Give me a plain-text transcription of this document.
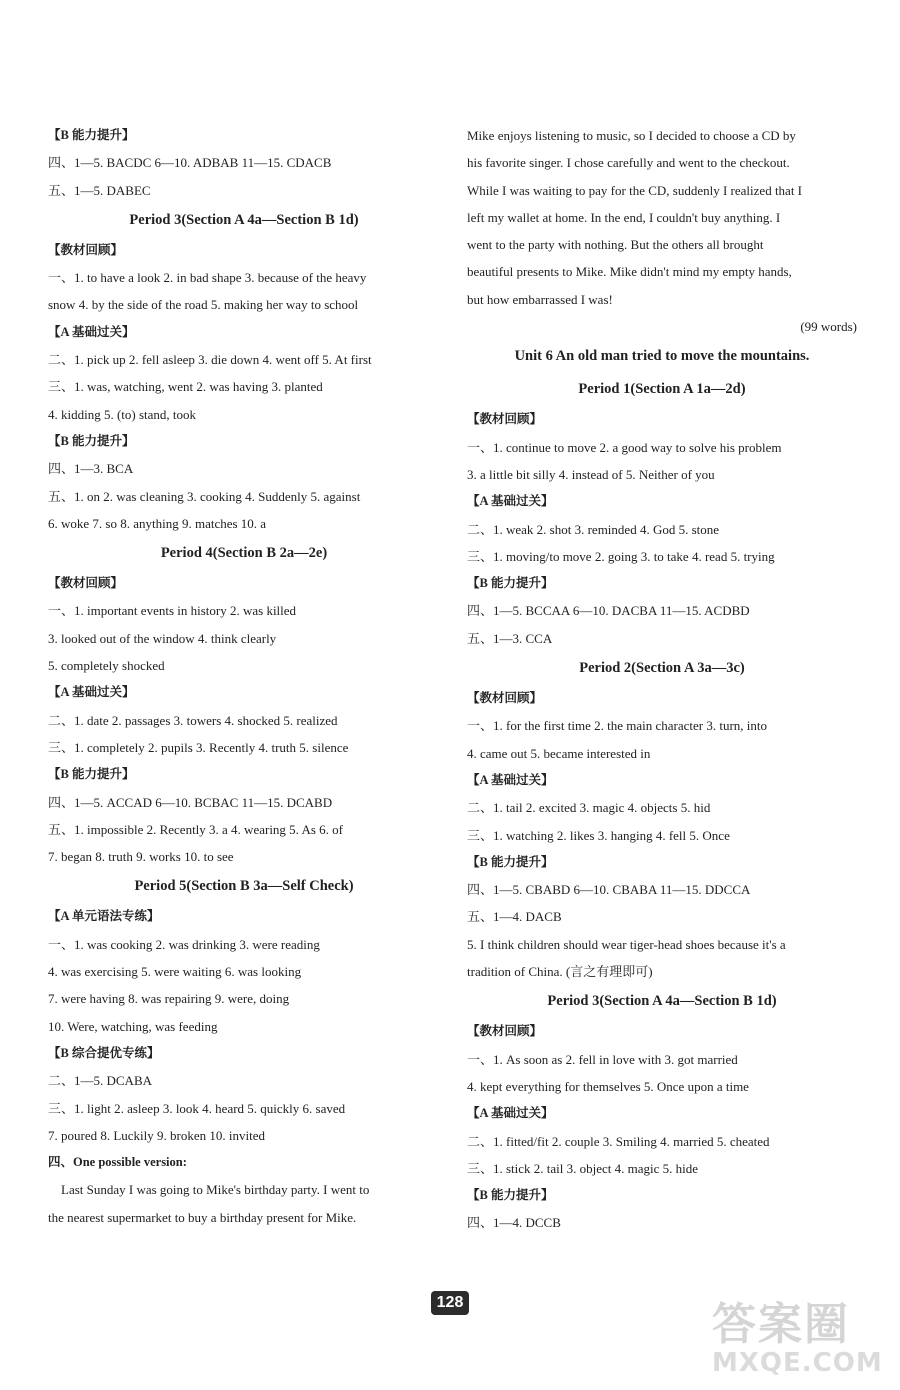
【B 能力提升】
四、1—5. BACDC 6—10. ADBAB 11—15. CDACB
五、1—5. DABEC
Period 3(Section A 4a—Section B 1d)
【教材回顾】
一、1. to have a look 2. in bad shape 3. because of the heavy
snow 4. by the side of the road 5. making her way to school
【A 基础过关】
二、1. pick up 2. fell asleep 3. die down 4. went off 5. At first
三、1. was, watching, went 2. was having 3. planted
4. kidding 5. (to) stand, took
【B 能力提升】
四、1—3. BCA
五、1. on 2. was cleaning 3. cooking 4. Suddenly 5. against
6. woke 7. so 8. anything 9. matches 10. a
Period 4(Section B 2a—2e)
【教材回顾】
一、1. important events in history 2. was killed
3. looked out of the window 4. think clearly
5. completely shocked
【A 基础过关】
二、1. date 2. passages 3. towers 4. shocked 5. realized
三、1. completely 2. pupils 3. Recently 4. truth 5. silence
【B 能力提升】
四、1—5. ACCAD 6—10. BCBAC 11—15. DCABD
五、1. impossible 2. Recently 3. a 4. wearing 5. As 6. of
7. began 8. truth 9. works 10. to see
Period 5(Section B 3a—Self Check)
【A 单元语法专练】
一、1. was cooking 2. was drinking 3. were reading
4. was exercising 5. were waiting 6. was looking
7. were having 8. was repairing 9. were, doing
10. Were, watching, was feeding
【B 综合提优专练】
二、1—5. DCABA
三、1. light 2. asleep 3. look 4. heard 5. quickly 6. saved
7. poured 8. Luckily 9. broken 10. invited
四、One possible version:
Last Sunday I was going to Mike's birthday party. I went to
the nearest supermarket to buy a birthday present for Mike.
Mike enjoys listening to music, so I decided to choose a CD by
his favorite singer. I chose carefully and went to the checkout.
While I was waiting to pay for the CD, suddenly I realized that I
left my wallet at home. In the end, I couldn't buy anything. I
went to the party with nothing. But the others all brought
beautiful presents to Mike. Mike didn't mind my empty hands,
but how embarrassed I was!
(99 words)
Unit 6 An old man tried to move the mountains.
Period 1(Section A 1a—2d)
【教材回顾】
一、1. continue to move 2. a good way to solve his problem
3. a little bit silly 4. instead of 5. Neither of you
【A 基础过关】
二、1. weak 2. shot 3. reminded 4. God 5. stone
三、1. moving/to move 2. going 3. to take 4. read 5. trying
【B 能力提升】
四、1—5. BCCAA 6—10. DACBA 11—15. ACDBD
五、1—3. CCA
Period 2(Section A 3a—3c)
【教材回顾】
一、1. for the first time 2. the main character 3. turn, into
4. came out 5. became interested in
【A 基础过关】
二、1. tail 2. excited 3. magic 4. objects 5. hid
三、1. watching 2. likes 3. hanging 4. fell 5. Once
【B 能力提升】
四、1—5. CBABD 6—10. CBABA 11—15. DDCCA
五、1—4. DACB
5. I think children should wear tiger-head shoes because it's a
tradition of China. (言之有理即可)
Period 3(Section A 4a—Section B 1d)
【教材回顾】
一、1. As soon as 2. fell in love with 3. got married
4. kept everything for themselves 5. Once upon a time
【A 基础过关】
二、1. fitted/fit 2. couple 3. Smiling 4. married 5. cheated
三、1. stick 2. tail 3. object 4. magic 5. hide
【B 能力提升】
四、1—4. DCCB
128	答案圈
MXQE.COM
